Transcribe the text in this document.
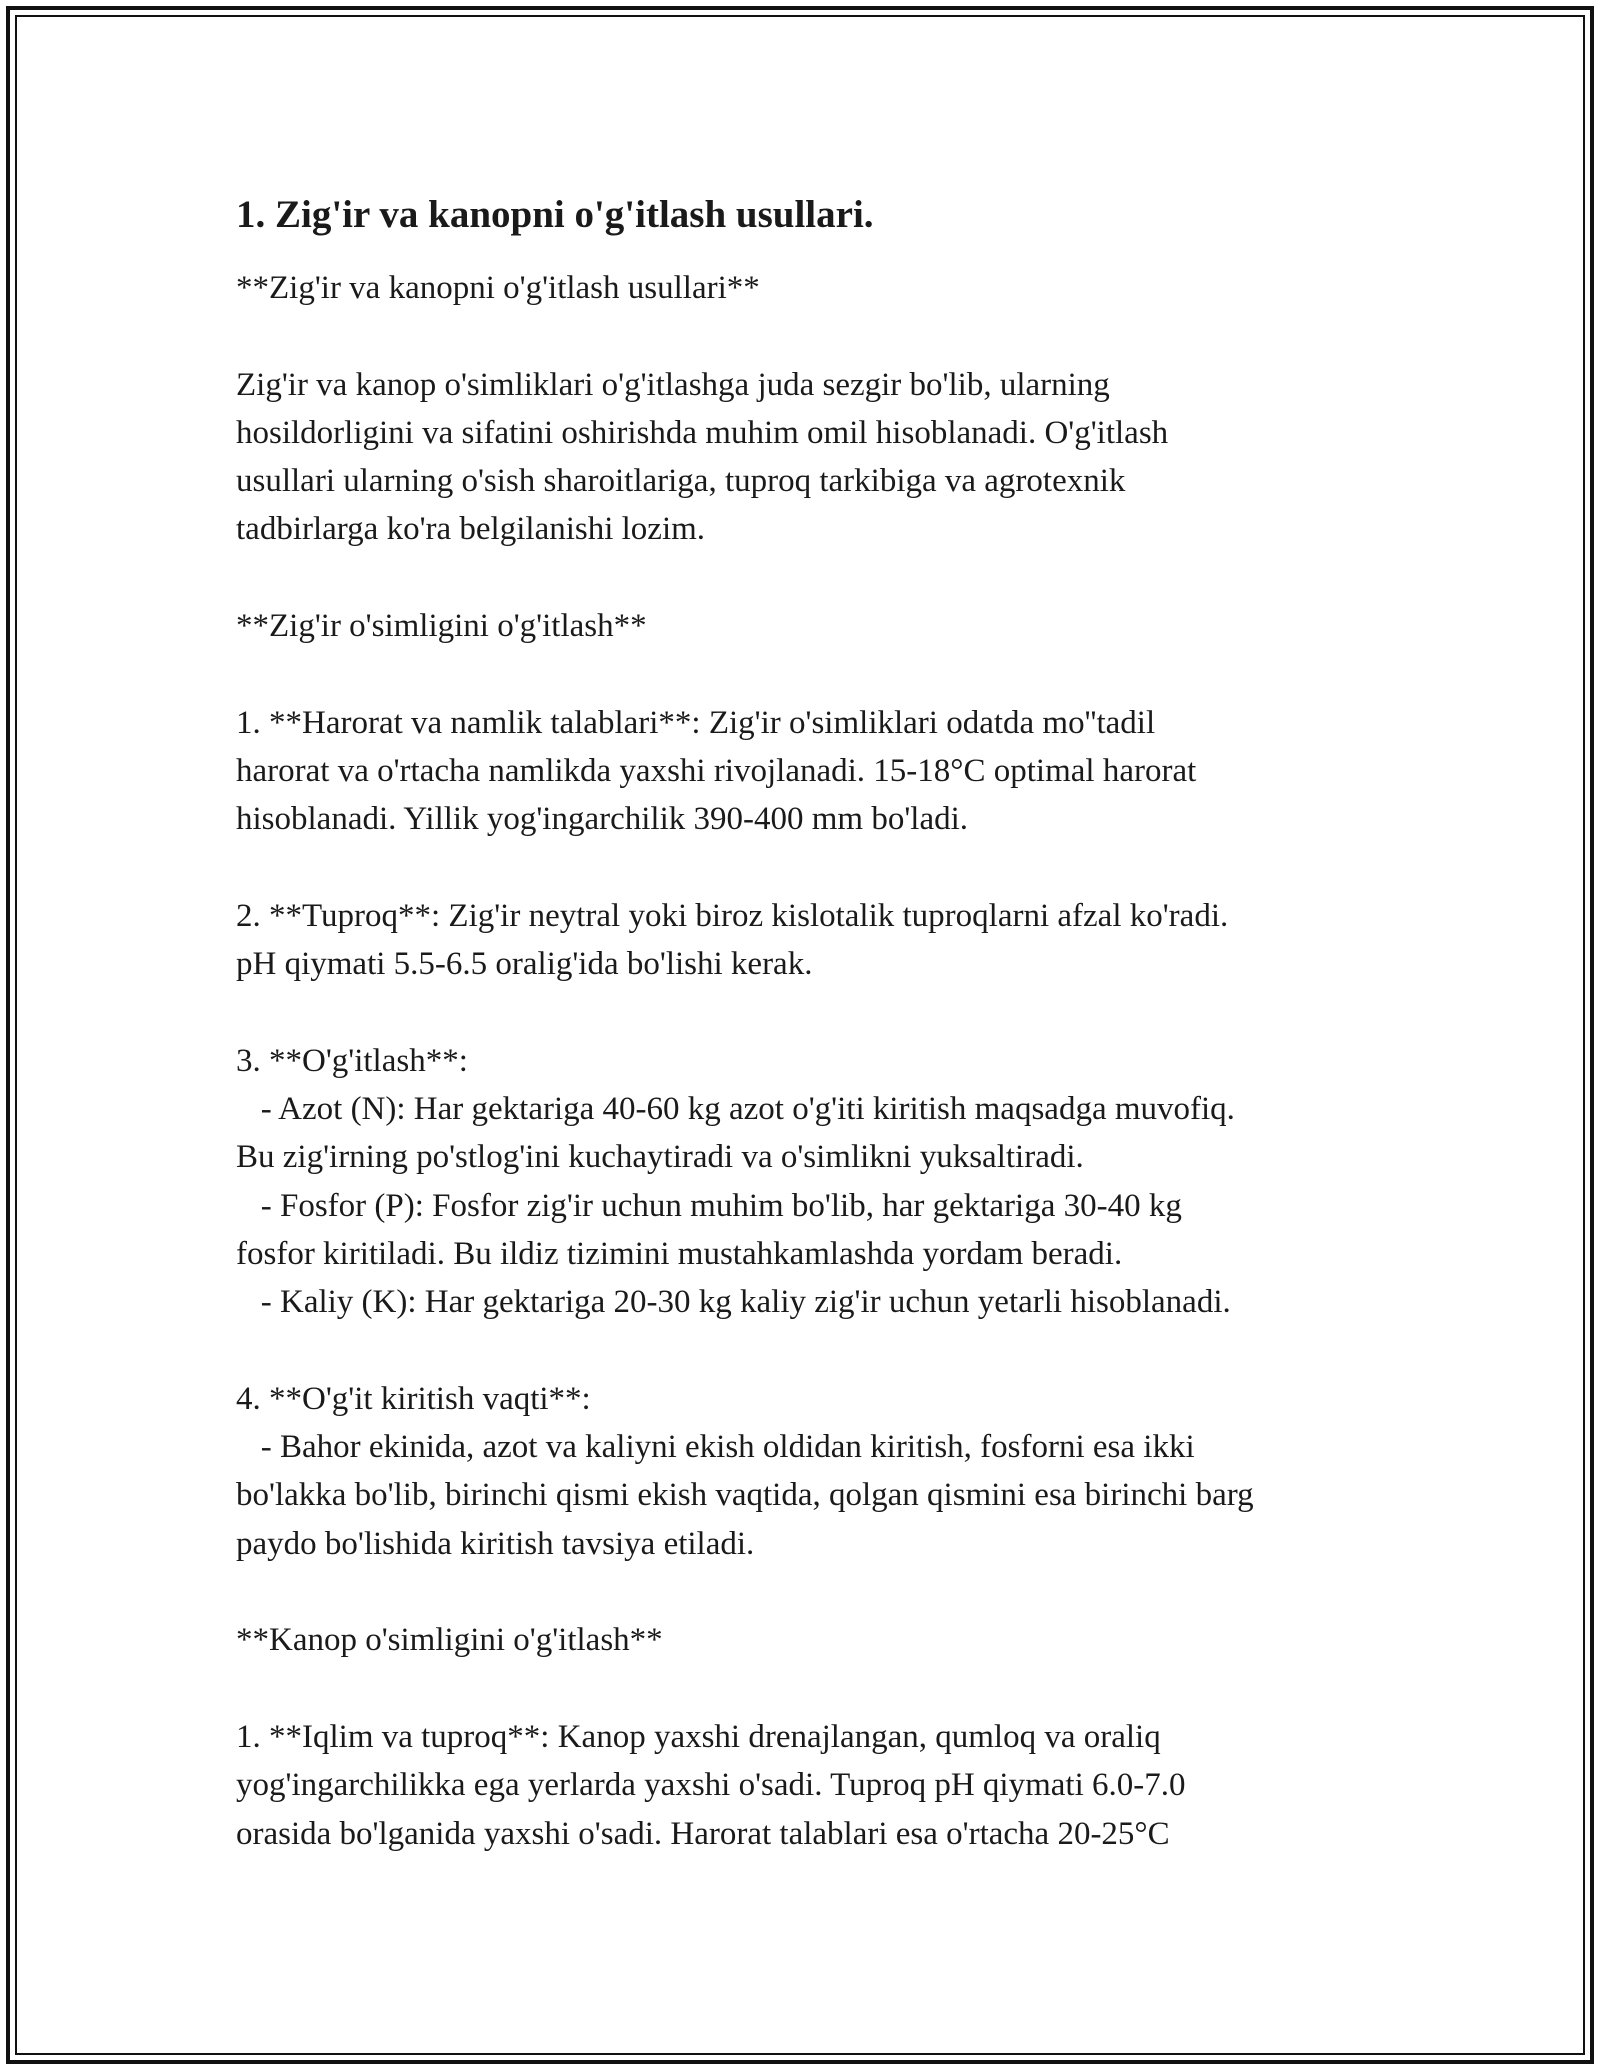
1. Zig'ir va kanopni o'g'itlash usullari.
**Zig'ir va kanopni o'g'itlash usullari**
Zig'ir va kanop o'simliklari o'g'itlashga juda sezgir bo'lib, ularning
hosildorligini va sifatini oshirishda muhim omil hisoblanadi. O'g'itlash
usullari ularning o'sish sharoitlariga, tuproq tarkibiga va agrotexnik
tadbirlarga ko'ra belgilanishi lozim.
**Zig'ir o'simligini o'g'itlash**
1. **Harorat va namlik talablari**: Zig'ir o'simliklari odatda mo''tadil
harorat va o'rtacha namlikda yaxshi rivojlanadi. 15-18°C optimal harorat
hisoblanadi. Yillik yog'ingarchilik 390-400 mm bo'ladi.
2. **Tuproq**: Zig'ir neytral yoki biroz kislotalik tuproqlarni afzal ko'radi.
pH qiymati 5.5-6.5 oralig'ida bo'lishi kerak.
3. **O'g'itlash**:
- Azot (N): Har gektariga 40-60 kg azot o'g'iti kiritish maqsadga muvofiq.
Bu zig'irning po'stlog'ini kuchaytiradi va o'simlikni yuksaltiradi.
- Fosfor (P): Fosfor zig'ir uchun muhim bo'lib, har gektariga 30-40 kg
fosfor kiritiladi. Bu ildiz tizimini mustahkamlashda yordam beradi.
- Kaliy (K): Har gektariga 20-30 kg kaliy zig'ir uchun yetarli hisoblanadi.
4. **O'g'it kiritish vaqti**:
- Bahor ekinida, azot va kaliyni ekish oldidan kiritish, fosforni esa ikki
bo'lakka bo'lib, birinchi qismi ekish vaqtida, qolgan qismini esa birinchi barg
paydo bo'lishida kiritish tavsiya etiladi.
**Kanop o'simligini o'g'itlash**
1. **Iqlim va tuproq**: Kanop yaxshi drenajlangan, qumloq va oraliq
yog'ingarchilikka ega yerlarda yaxshi o'sadi. Tuproq pH qiymati 6.0-7.0
orasida bo'lganida yaxshi o'sadi. Harorat talablari esa o'rtacha 20-25°C
